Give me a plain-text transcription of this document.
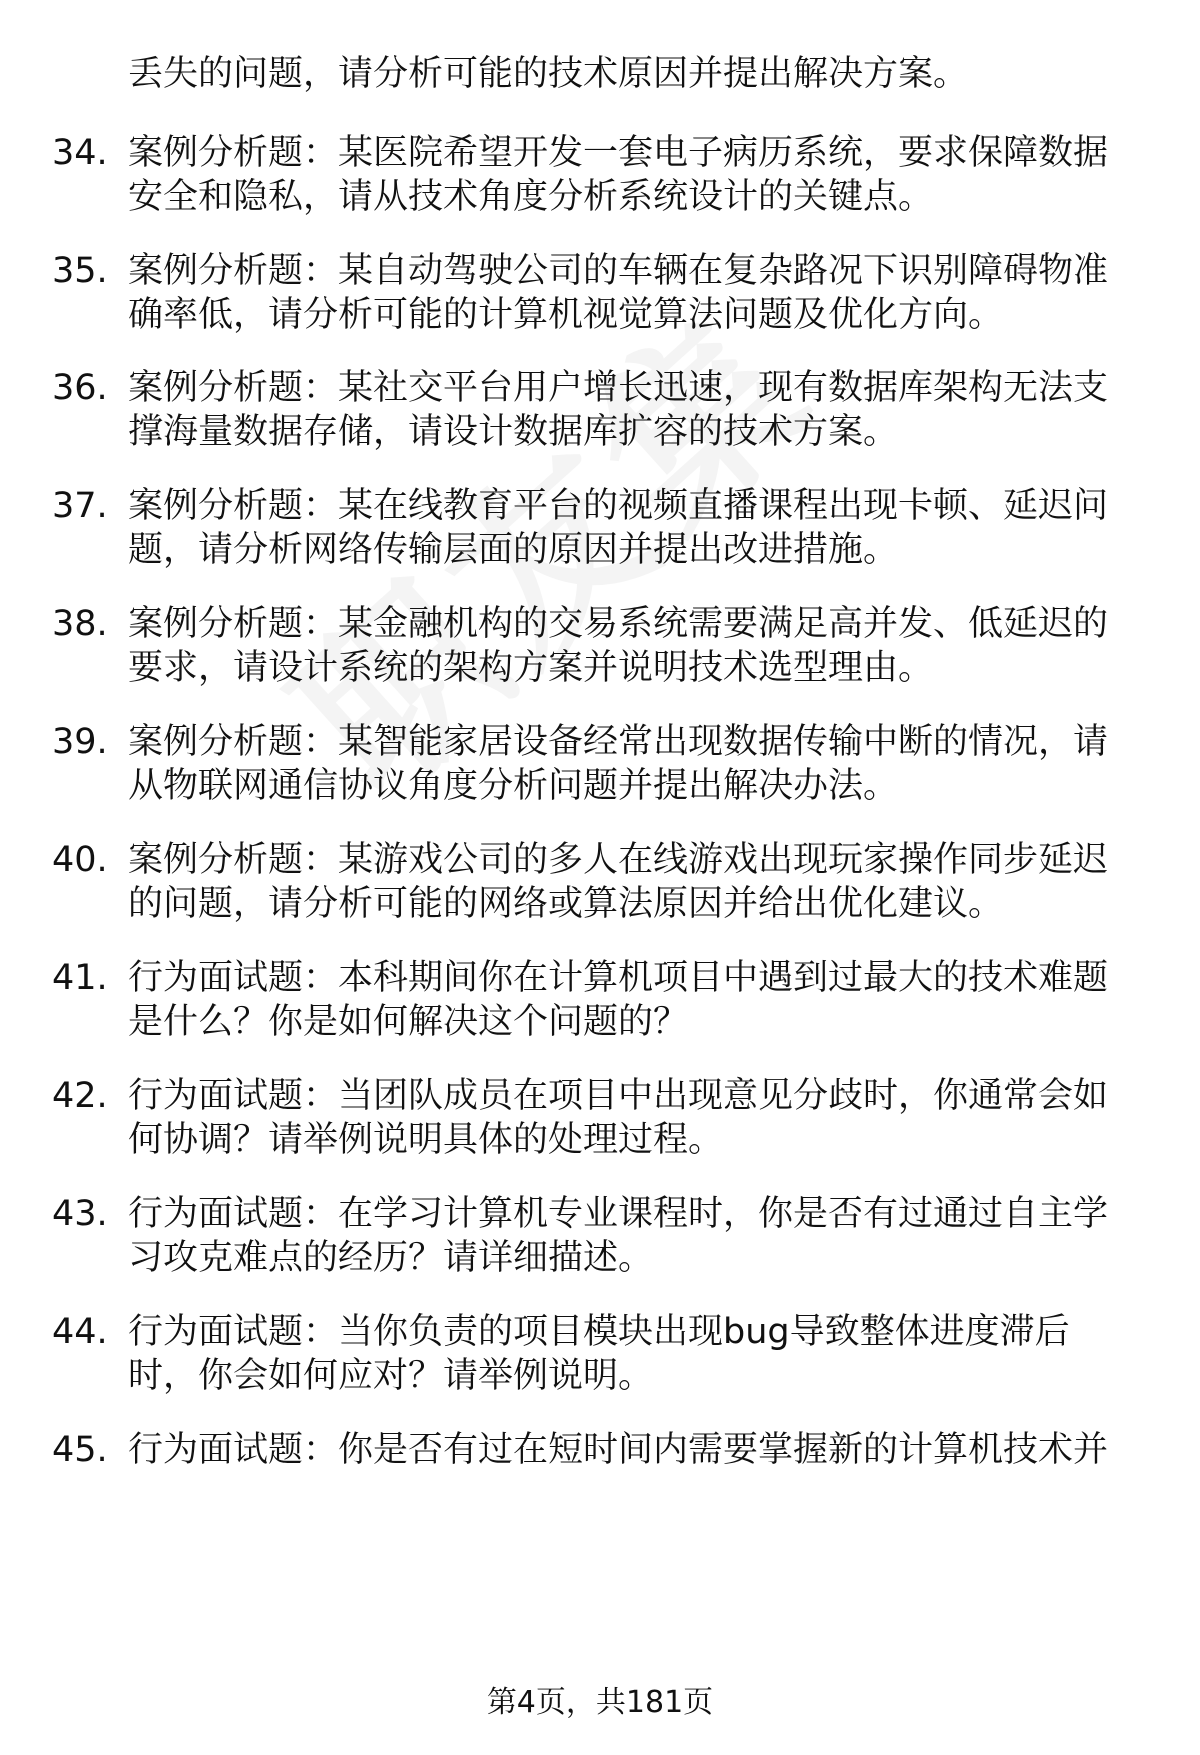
丢失的问题，请分析可能的技术原因并提出解决方案。
34. 案例分析题：某医院希望开发一套电子病历系统，要求保障数据
安全和隐私，请从技术角度分析系统设计的关键点。
35. 案例分析题：某自动驾驶公司的车辆在复杂路况下识别障碍物准
确率低，请分析可能的计算机视觉算法问题及优化方向。
36. 案例分析题：某社交平台用户增长迅速，现有数据库架构无法支
撑海量数据存储，请设计数据库扩容的技术方案。
37. 案例分析题：某在线教育平台的视频直播课程出现卡顿、延迟问
题，请分析网络传输层面的原因并提出改进措施。
38. 案例分析题：某金融机构的交易系统需要满足高并发、低延迟的
要求，请设计系统的架构方案并说明技术选型理由。
39. 案例分析题：某智能家居设备经常出现数据传输中断的情况，请
从物联网通信协议角度分析问题并提出解决办法。
40. 案例分析题：某游戏公司的多人在线游戏出现玩家操作同步延迟
的问题，请分析可能的网络或算法原因并给出优化建议。
41. 行为面试题：本科期间你在计算机项目中遇到过最大的技术难题
是什么？你是如何解决这个问题的？
42. 行为面试题：当团队成员在项目中出现意见分歧时，你通常会如
何协调？请举例说明具体的处理过程。
43. 行为面试题：在学习计算机专业课程时，你是否有过通过自主学
习攻克难点的经历？请详细描述。
44. 行为面试题：当你负责的项目模块出现bug导致整体进度滞后
时，你会如何应对？请举例说明。
45. 行为面试题：你是否有过在短时间内需要掌握新的计算机技术并
第4页，共181页
